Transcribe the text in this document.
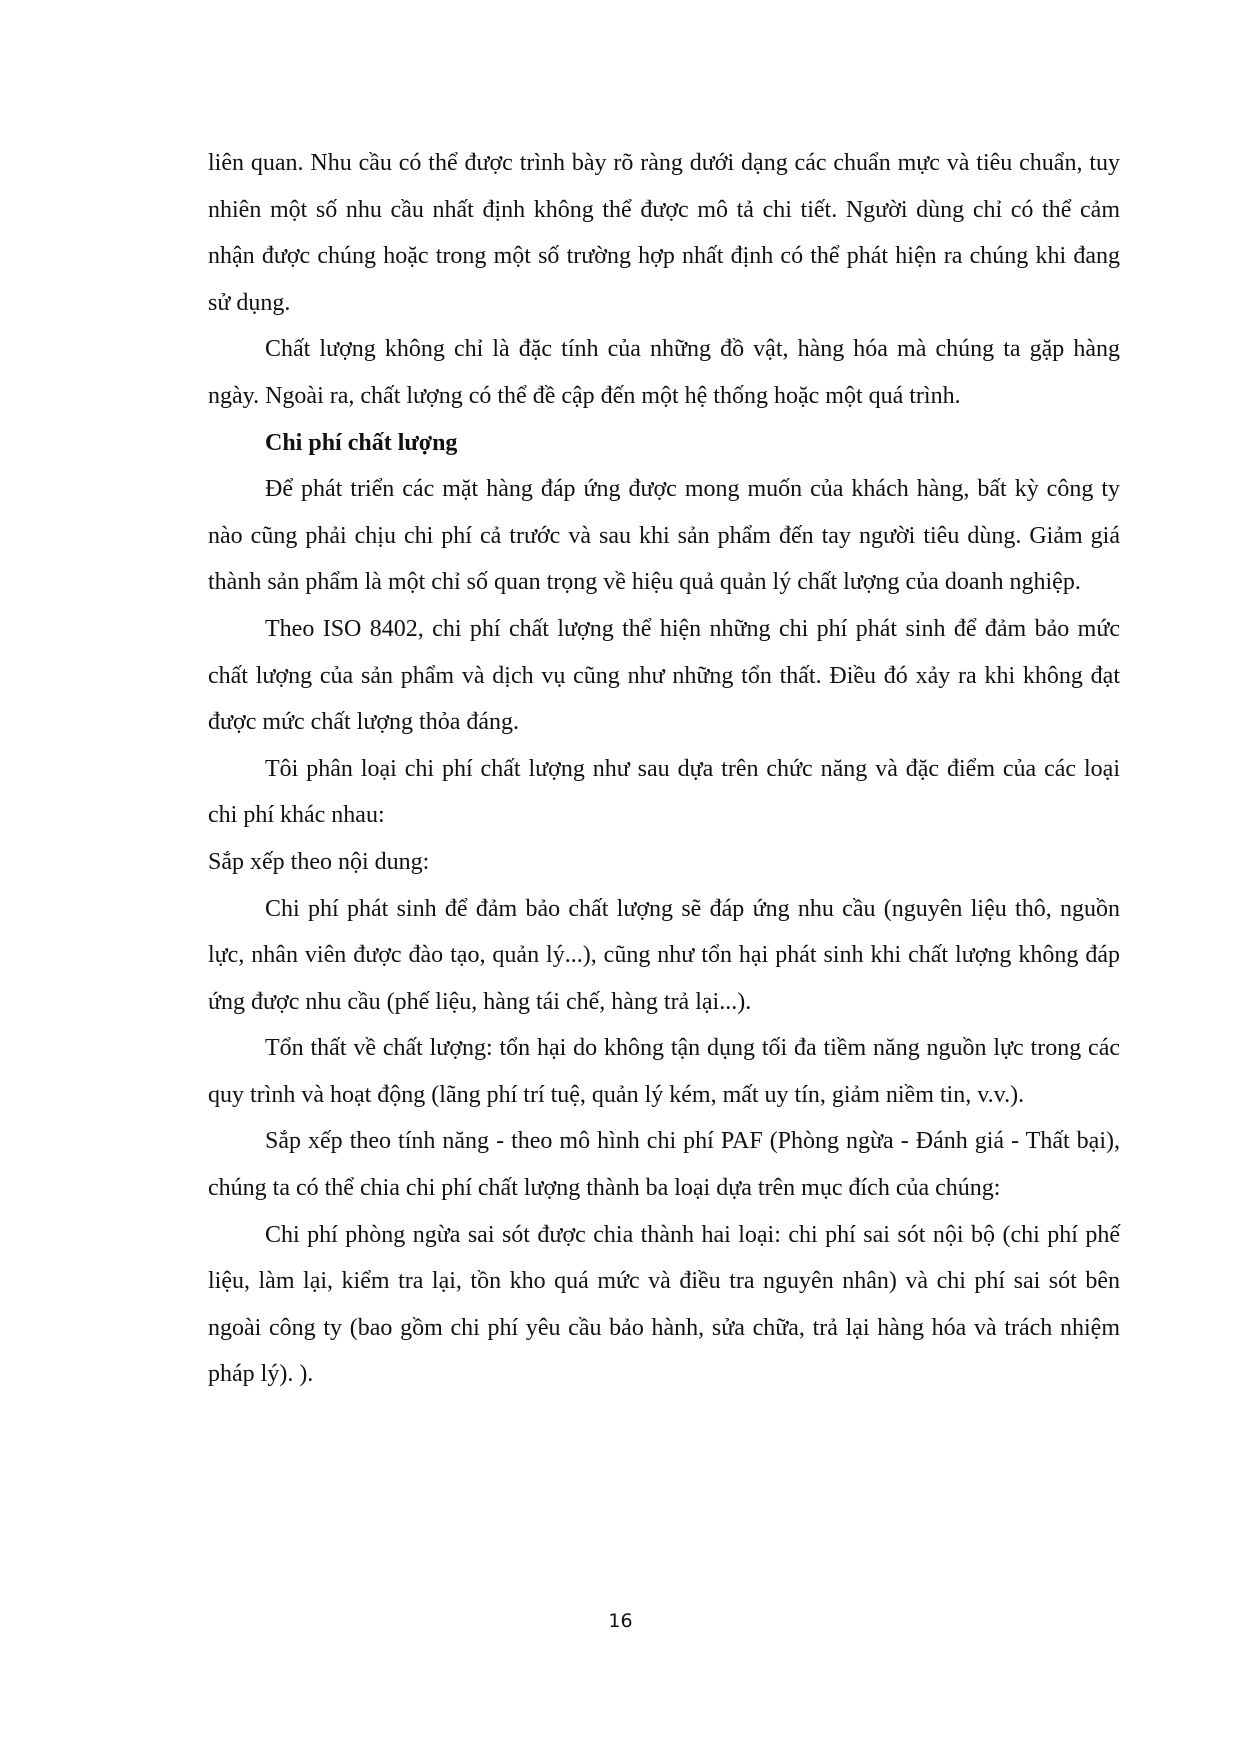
liên quan. Nhu cầu có thể được trình bày rõ ràng dưới dạng các chuẩn mực và tiêu chuẩn, tuy nhiên một số nhu cầu nhất định không thể được mô tả chi tiết. Người dùng chỉ có thể cảm nhận được chúng hoặc trong một số trường hợp nhất định có thể phát hiện ra chúng khi đang sử dụng.

Chất lượng không chỉ là đặc tính của những đồ vật, hàng hóa mà chúng ta gặp hàng ngày. Ngoài ra, chất lượng có thể đề cập đến một hệ thống hoặc một quá trình.

Chi phí chất lượng

Để phát triển các mặt hàng đáp ứng được mong muốn của khách hàng, bất kỳ công ty nào cũng phải chịu chi phí cả trước và sau khi sản phẩm đến tay người tiêu dùng. Giảm giá thành sản phẩm là một chỉ số quan trọng về hiệu quả quản lý chất lượng của doanh nghiệp.

Theo ISO 8402, chi phí chất lượng thể hiện những chi phí phát sinh để đảm bảo mức chất lượng của sản phẩm và dịch vụ cũng như những tổn thất. Điều đó xảy ra khi không đạt được mức chất lượng thỏa đáng.

Tôi phân loại chi phí chất lượng như sau dựa trên chức năng và đặc điểm của các loại chi phí khác nhau:

Sắp xếp theo nội dung:

Chi phí phát sinh để đảm bảo chất lượng sẽ đáp ứng nhu cầu (nguyên liệu thô, nguồn lực, nhân viên được đào tạo, quản lý...), cũng như tổn hại phát sinh khi chất lượng không đáp ứng được nhu cầu (phế liệu, hàng tái chế, hàng trả lại...).

Tổn thất về chất lượng: tổn hại do không tận dụng tối đa tiềm năng nguồn lực trong các quy trình và hoạt động (lãng phí trí tuệ, quản lý kém, mất uy tín, giảm niềm tin, v.v.).

Sắp xếp theo tính năng - theo mô hình chi phí PAF (Phòng ngừa - Đánh giá - Thất bại), chúng ta có thể chia chi phí chất lượng thành ba loại dựa trên mục đích của chúng:

Chi phí phòng ngừa sai sót được chia thành hai loại: chi phí sai sót nội bộ (chi phí phế liệu, làm lại, kiểm tra lại, tồn kho quá mức và điều tra nguyên nhân) và chi phí sai sót bên ngoài công ty (bao gồm chi phí yêu cầu bảo hành, sửa chữa, trả lại hàng hóa và trách nhiệm pháp lý). ).

16
